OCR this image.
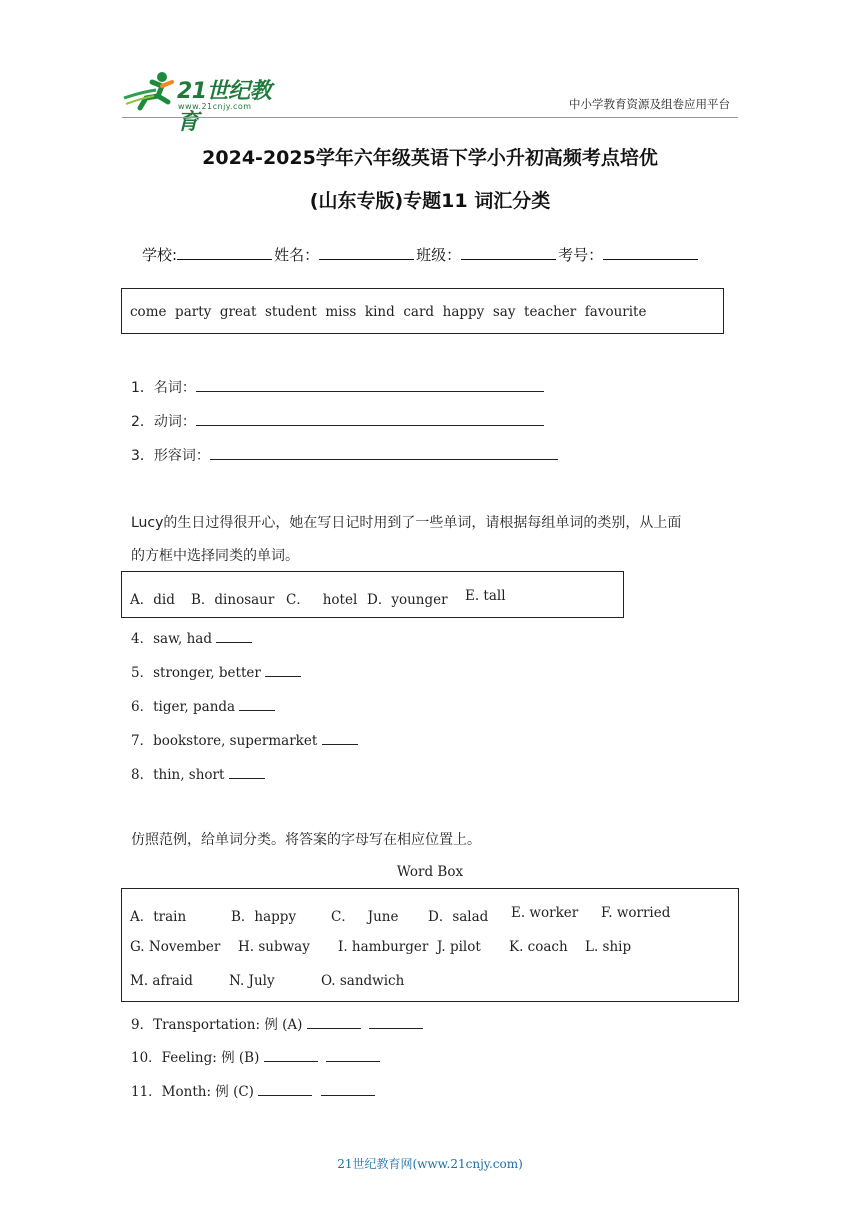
21世纪教育
www.21cnjy.com	中小学教育资源及组卷应用平台
2024-2025学年六年级英语下学小升初高频考点培优
(山东专版)专题11 词汇分类
学校:	姓名：	班级：	考号：
come  party  great  student  miss  kind  card  happy  say  teacher  favourite
1．名词：
2．动词：
3．形容词：
Lucy的生日过得很开心，她在写日记时用到了一些单词，请根据每组单词的类别，从上面
的方框中选择同类的单词。
A．did B．dinosaur C．   hotel D．younger E. tall
4．saw, had
5．stronger, better
6．tiger, panda
7．bookstore, supermarket
8．thin, short
仿照范例，给单词分类。将答案的字母写在相应位置上。
Word Box
A．train	B．happy	C．   June D．salad E. worker F. worried
G. November H. subway I. hamburger J. pilot K. coach L. ship
M. afraid	N. July	O. sandwich
9．Transportation: 例 (A)
10．Feeling: 例 (B)
11．Month: 例 (C)
21世纪教育网(www.21cnjy.com)
